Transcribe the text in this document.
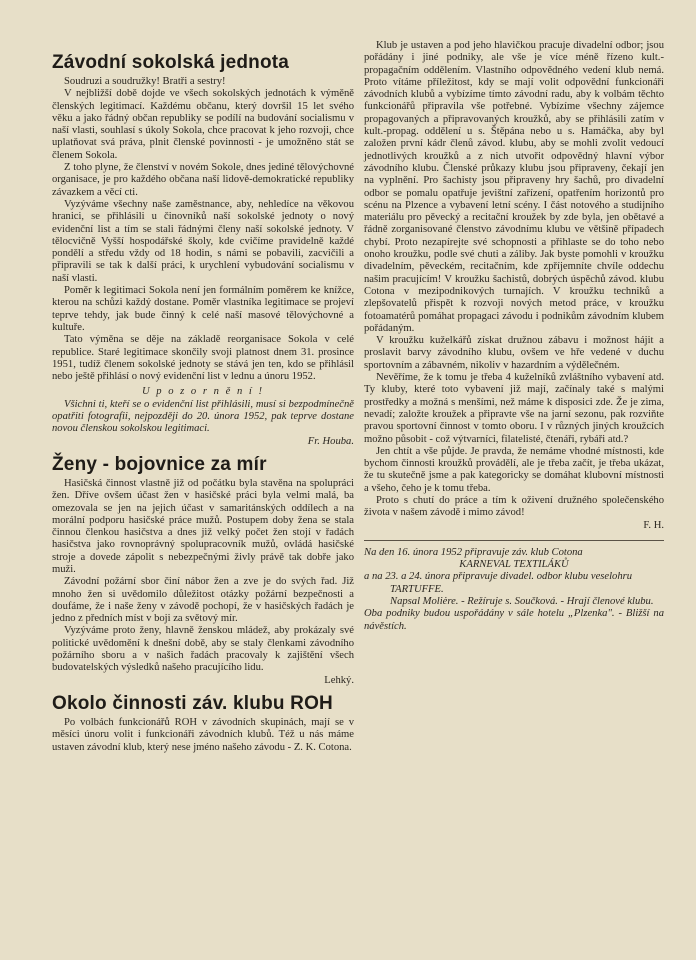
Závodní sokolská jednota

Soudruzi a soudružky! Bratři a sestry!

V nejbližší době dojde ve všech sokolských jednotách k výměně členských legitimací. Každému občanu, který dovršil 15 let svého věku a jako řádný občan republiky se podílí na budování socialismu v naší vlasti, souhlasí s úkoly Sokola, chce pracovat k jeho rozvoji, chce uplatňovat svá práva, plnit členské povinnosti - je umožněno stát se členem Sokola.

Z toho plyne, že členství v novém Sokole, dnes jediné tělovýchovné organisace, je pro každého občana naší lidově-demokratické republiky závazkem a věcí cti.

Vyzýváme všechny naše zaměstnance, aby, nehledíce na věkovou hranici, se přihlásili u činovníků naší sokolské jednoty o nový evidenční list a tím se stali řádnými členy naší sokolské jednoty. V tělocvičně Vyšší hospodářské školy, kde cvičíme pravidelně každé pondělí a středu vždy od 18 hodin, s námi se pobavili, zacvičili a připravili se tak k další práci, k urychlení vybudování socialismu v naší vlasti.

Poměr k legitimaci Sokola není jen formálním poměrem ke knížce, kterou na schůzi každý dostane. Poměr vlastníka legitimace se projeví teprve tehdy, jak bude činný k celé naší masové tělovýchovné a kultuře.

Tato výměna se děje na základě reorganisace Sokola v celé republice. Staré legitimace skončily svoji platnost dnem 31. prosince 1951, tudíž členem sokolské jednoty se stává jen ten, kdo se přihlásil nebo ještě přihlásí o nový evidenční list v lednu a únoru 1952.

U p o z o r n ě n í !

Všichni ti, kteří se o evidenční list přihlásili, musí si bezpodmínečně opatřiti fotografii, nejpozději do 20. února 1952, pak teprve dostane novou členskou sokolskou legitimaci.

Fr. Houba.

Ženy - bojovnice za mír

Hasičská činnost vlastně již od počátku byla stavěna na spolupráci žen. Dříve ovšem účast žen v hasičské práci byla velmi malá, ba omezovala se jen na jejich účast v samaritánských oddílech a na morální podporu hasičské práce mužů. Postupem doby žena se stala činnou členkou hasičstva a dnes již velký počet žen stojí v řadách hasičstva jako rovnoprávný spolupracovník mužů, ovládá hasičské stroje a dovede zápolit s nebezpečnými živly právě tak dobře jako muži.

Závodní požární sbor činí nábor žen a zve je do svých řad. Již mnoho žen si uvědomilo důležitost otázky požární bezpečnosti a doufáme, že i naše ženy v závodě pochopí, že v hasičských řadách je jedno z předních míst v boji za světový mír.

Vyzýváme proto ženy, hlavně ženskou mládež, aby prokázaly své politické uvědomění k dnešní době, aby se staly členkami závodního požárního sboru a v našich řadách pracovaly k zajištění všech budovatelských výsledků našeho pracujícího lidu.

Lehký.

Okolo činnosti záv. klubu ROH

Po volbách funkcionářů ROH v závodních skupinách, mají se v měsíci únoru volit i funkcionáři závodních klubů. Též u nás máme ustaven závodní klub, který nese jméno našeho závodu - Z. K. Cotona.

Klub je ustaven a pod jeho hlavičkou pracuje divadelní odbor; jsou pořádány i jiné podniky, ale vše je více méně řízeno kult.-propagačním oddělením. Vlastního odpovědného vedení klub nemá. Proto vítáme příležitost, kdy se mají volit odpovědní funkcionáři závodních klubů a vybízíme tímto závodní radu, aby k volbám těchto funkcionářů připravila vše potřebné. Vybízíme všechny zájemce propagovaných a připravovaných kroužků, aby se přihlásili zatím v kult.-propag. oddělení u s. Štěpána nebo u s. Hamáčka, aby byl založen první kádr členů závod. klubu, aby se mohli zvolit vedoucí jednotlivých kroužků a z nich utvořit odpovědný hlavní výbor závodního klubu. Členské průkazy klubu jsou připraveny, čekají jen na vyplnění. Pro šachisty jsou připraveny hry šachů, pro divadelní odbor se pomalu opatřuje jevištní zařízení, opatřením horizontů pro scénu na Plzence a vybavení letní scény. I část notového a studijního materiálu pro pěvecký a recitační kroužek by zde byla, jen obětavé a řádně zorganisované členstvo závodnímu klubu ve většině případech chybí. Proto nezapírejte své schopnosti a přihlaste se do toho nebo onoho kroužku, podle své chuti a záliby. Jak byste pomohli v kroužku divadelním, pěveckém, recitačním, kde zpříjemníte chvíle oddechu našim pracujícím! V kroužku šachistů, dobrých úspěchů závod. klubu Cotona v mezipodnikových turnajích. V kroužku techniků a zlepšovatelů přispět k rozvoji nových metod práce, v kroužku fotoamatérů pomáhat propagaci závodu i podnikům závodním klubem pořádaným.

V kroužku kuželkářů získat družnou zábavu i možnost hájit a proslavit barvy závodního klubu, ovšem ve hře vedené v duchu sportovním a zábavném, nikoliv v hazardním a výdělečném.

Nevěříme, že k tomu je třeba 4 kuželníků zvláštního vybavení atd. Ty kluby, které toto vybavení již mají, začínaly také s malými prostředky a možná s menšími, než máme k disposici zde. Že je zima, nevadí; založte kroužek a připravte vše na jarní sezonu, pak rozviňte pravou sportovní činnost v tomto oboru. I v různých jiných kroužcích možno působit - což výtvarníci, filatelisté, čtenáři, rybáři atd.?

Jen chtít a vše půjde. Je pravda, že nemáme vhodné místnosti, kde bychom činnosti kroužků provádělí, ale je třeba začít, je třeba ukázat, že tu skutečně jsme a pak kategoricky se domáhat klubovní místnosti a všeho, čeho je k tomu třeba.

Proto s chutí do práce a tím k oživení družného společenského života v našem závodě i mimo závod!

F. H.

Na den 16. února 1952 připravuje záv. klub Cotona

KARNEVAL TEXTILÁKŮ

a na 23. a 24. února připravuje divadel. odbor klubu veselohru

TARTUFFE.

Napsal Moliėre. - Režíruje s. Součková. - Hrají členové klubu.

Oba podniky budou uspořádány v sále hotelu „Plzenka". - Bližší na návěstích.
